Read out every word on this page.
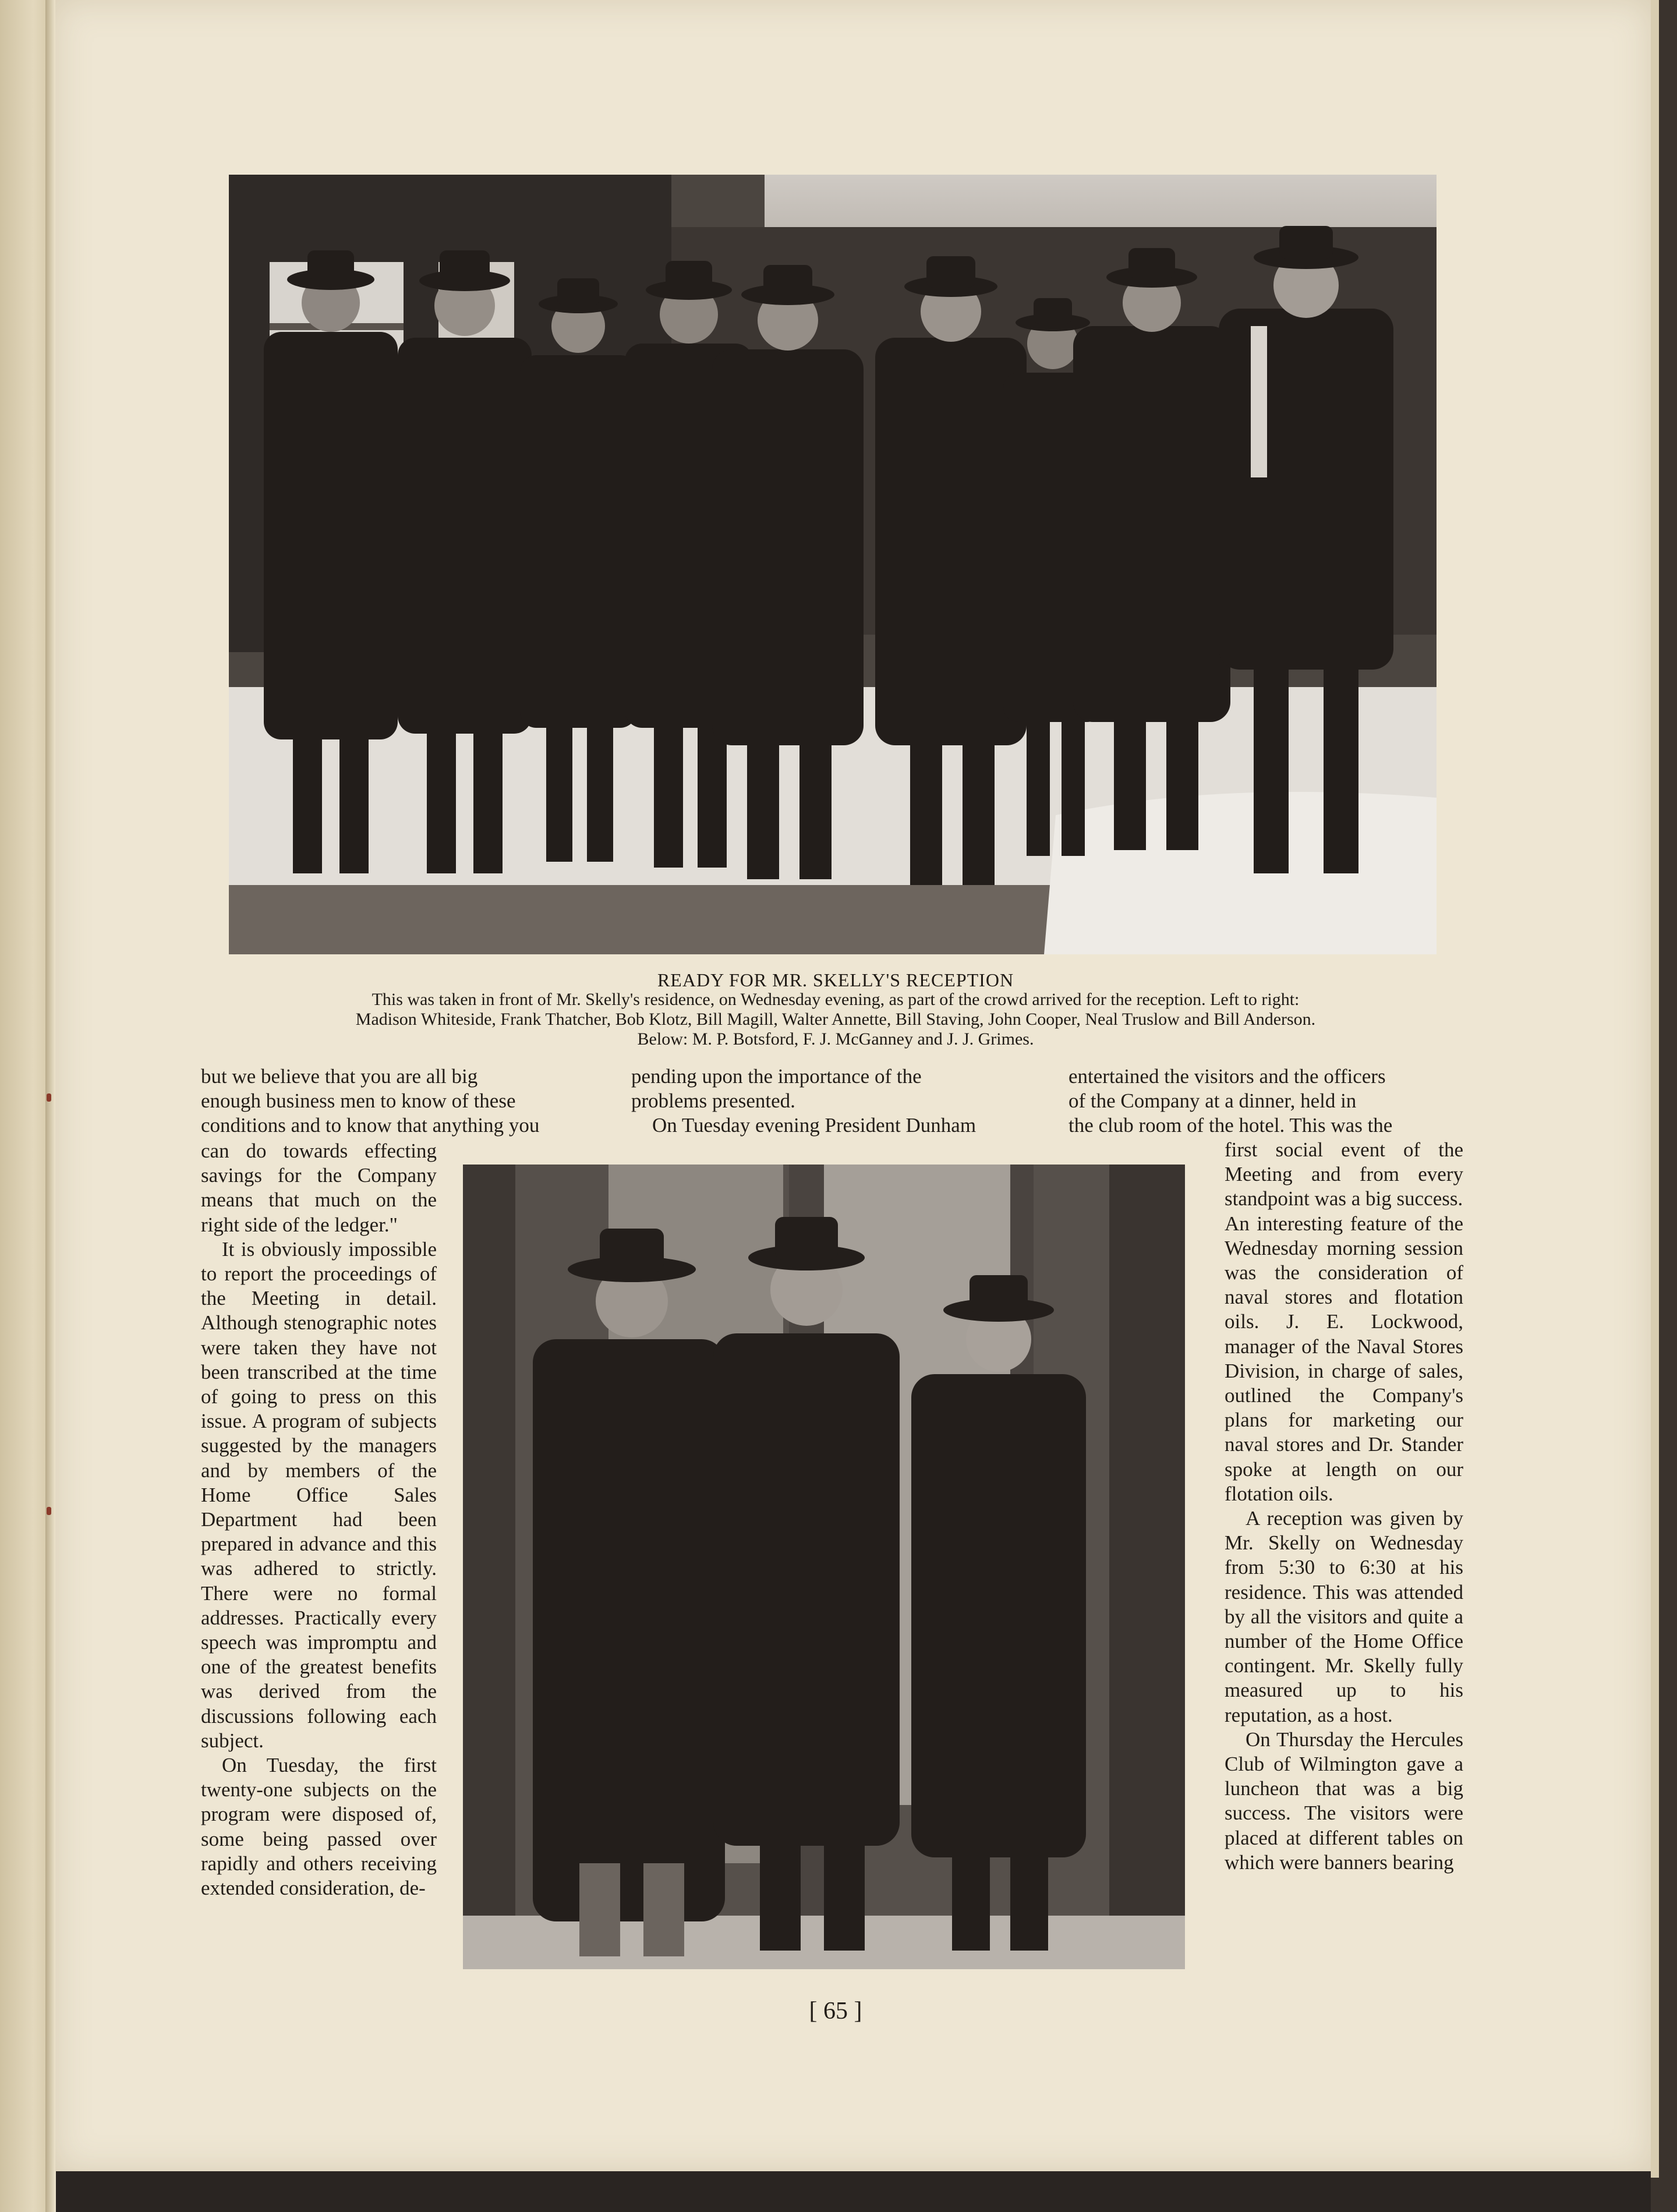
READY FOR MR. SKELLY'S RECEPTION
This was taken in front of Mr. Skelly's residence, on Wednesday evening, as part of the crowd arrived for the reception. Left to right:
Madison Whiteside, Frank Thatcher, Bob Klotz, Bill Magill, Walter Annette, Bill Staving, John Cooper, Neal Truslow and Bill Anderson.
Below: M. P. Botsford, F. J. McGanney and J. J. Grimes.

but we believe that you are all big

enough business men to know of these

conditions and to know that anything you

can do towards effecting savings for the Company means that much on the right side of the ledger."

It is obviously impossible to report the proceedings of the Meeting in detail. Although stenographic notes were taken they have not been transcribed at the time of going to press on this issue. A program of subjects suggested by the managers and by members of the Home Office Sales Department had been prepared in advance and this was adhered to strictly. There were no formal addresses. Practically every speech was impromptu and one of the greatest benefits was derived from the discussions following each subject.

On Tuesday, the first twenty-one subjects on the program were disposed of, some being passed over rapidly and others receiving extended consideration, de-

pending upon the importance of the

problems presented.

On Tuesday evening President Dunham

entertained the visitors and the officers

of the Company at a dinner, held in

the club room of the hotel. This was the

first social event of the Meeting and from every standpoint was a big success.

An interesting feature of the Wednesday morning session was the consideration of naval stores and flotation oils. J. E. Lockwood, manager of the Naval Stores Division, in charge of sales, outlined the Company's plans for marketing our naval stores and Dr. Stander spoke at length on our flotation oils.

A reception was given by Mr. Skelly on Wednesday from 5:30 to 6:30 at his residence. This was attended by all the visitors and quite a number of the Home Office contingent. Mr. Skelly fully measured up to his reputation, as a host.

On Thursday the Hercules Club of Wilmington gave a luncheon that was a big success. The visitors were placed at different tables on which were banners bearing

[ 65 ]
